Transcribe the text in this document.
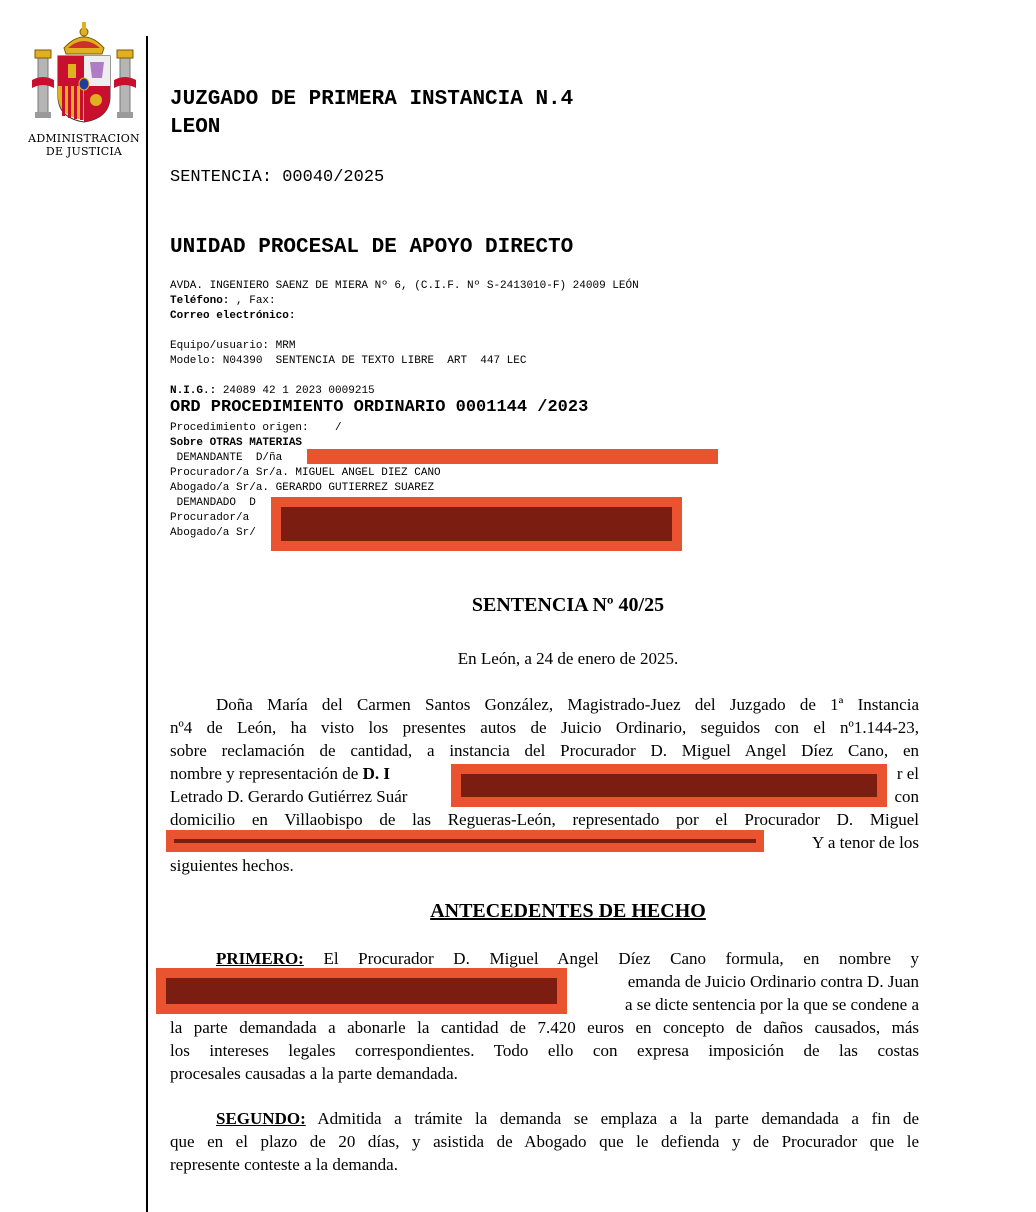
ADMINISTRACION
DE JUSTICIA
JUZGADO DE PRIMERA INSTANCIA N.4
LEON
SENTENCIA: 00040/2025
UNIDAD PROCESAL DE APOYO DIRECTO
AVDA. INGENIERO SAENZ DE MIERA Nº 6, (C.I.F. Nº S-2413010-F) 24009 LEÓN
Teléfono: , Fax:
Correo electrónico:
Equipo/usuario: MRM
Modelo: N04390  SENTENCIA DE TEXTO LIBRE  ART  447 LEC
N.I.G.: 24089 42 1 2023 0009215
ORD PROCEDIMIENTO ORDINARIO 0001144 /2023
Procedimiento origen:    /
Sobre OTRAS MATERIAS
DEMANDANTE  D/ña
Procurador/a Sr/a. MIGUEL ANGEL DIEZ CANO
Abogado/a Sr/a. GERARDO GUTIERREZ SUAREZ
DEMANDADO  D
Procurador/a
Abogado/a Sr/
SENTENCIA Nº 40/25
En León, a 24 de enero de 2025.
Doña María del Carmen Santos González, Magistrado-Juez del Juzgado de 1ª Instancia
nº4 de León, ha visto los presentes autos de Juicio Ordinario, seguidos con el nº1.144-23,
sobre reclamación de cantidad, a instancia del Procurador D. Miguel Angel Díez Cano, en
nombre y representación de D. I	r el
Letrado D. Gerardo Gutiérrez Suár	con
domicilio en Villaobispo de las Regueras-León, representado por el Procurador D. Miguel
Y a tenor de los
siguientes hechos.
ANTECEDENTES DE HECHO
PRIMERO: El Procurador D. Miguel Angel Díez Cano formula, en nombre y
emanda de Juicio Ordinario contra D. Juan
a se dicte sentencia por la que se condene a
la parte demandada a abonarle la cantidad de 7.420 euros en concepto de daños causados, más
los intereses legales correspondientes. Todo ello con expresa imposición de las costas
procesales causadas a la parte demandada.
SEGUNDO: Admitida a trámite la demanda se emplaza a la parte demandada a fin de
que en el plazo de 20 días, y asistida de Abogado que le defienda y de Procurador que le
represente conteste a la demanda.
